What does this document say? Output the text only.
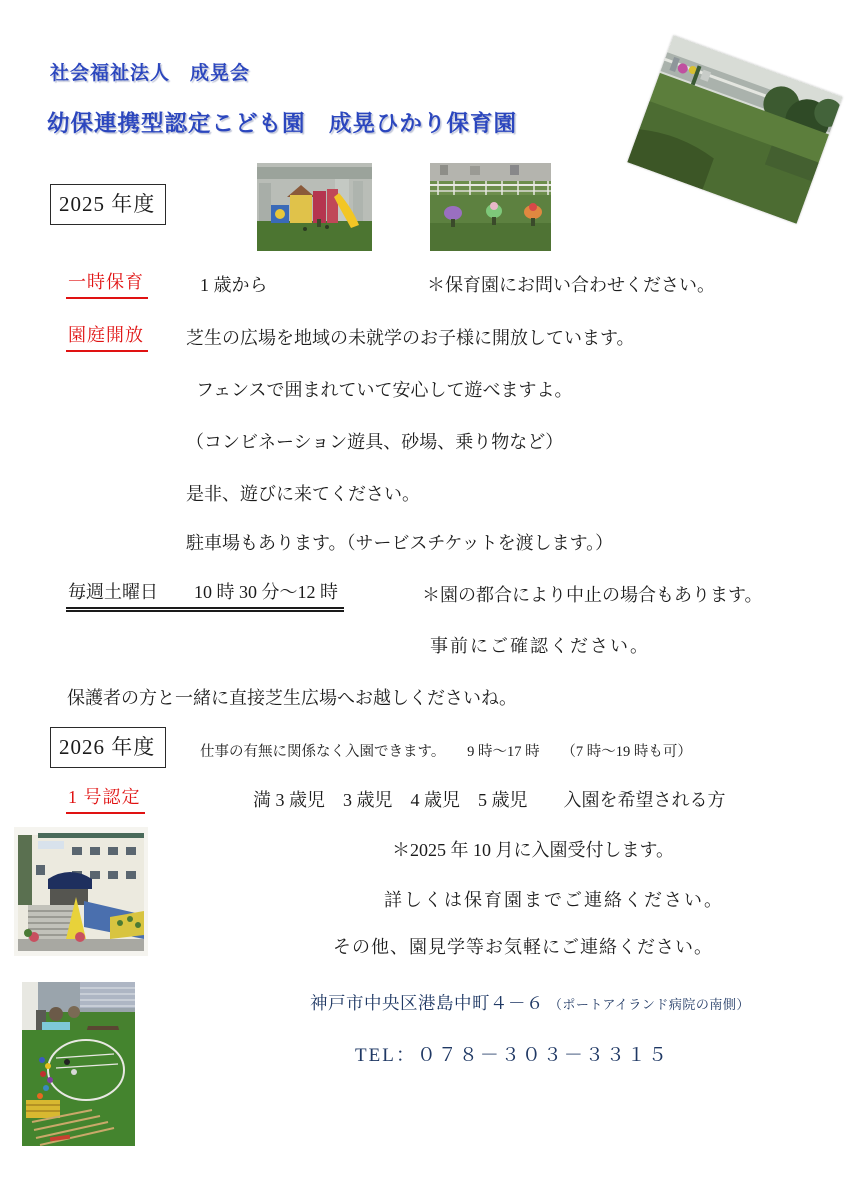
社会福祉法人　成晃会
幼保連携型認定こども園　成晃ひかり保育園
2025 年度
一時保育	1 歳から	＊保育園にお問い合わせください。
園庭開放 芝生の広場を地域の未就学のお子様に開放しています。
フェンスで囲まれていて安心して遊べますよ。
（コンビネーション遊具、砂場、乗り物など）
是非、遊びに来てください。
駐車場もあります。（サービスチケットを渡します。）
毎週土曜日　　10 時 30 分～12 時	＊園の都合により中止の場合もあります。
事前にご確認ください。
保護者の方と一緒に直接芝生広場へお越しくださいね。
2026 年度	仕事の有無に関係なく入園できます。　　9 時～17 時　　（7 時～19 時も可）
1 号認定	満 3 歳児　3 歳児　4 歳児　5 歳児　　入園を希望される方
＊2025 年 10 月に入園受付します。
詳しくは保育園までご連絡ください。
その他、園見学等お気軽にご連絡ください。
神戸市中央区港島中町４－６ （ポートアイランド病院の南側）
TEL：０７８－３０３－３３１５
